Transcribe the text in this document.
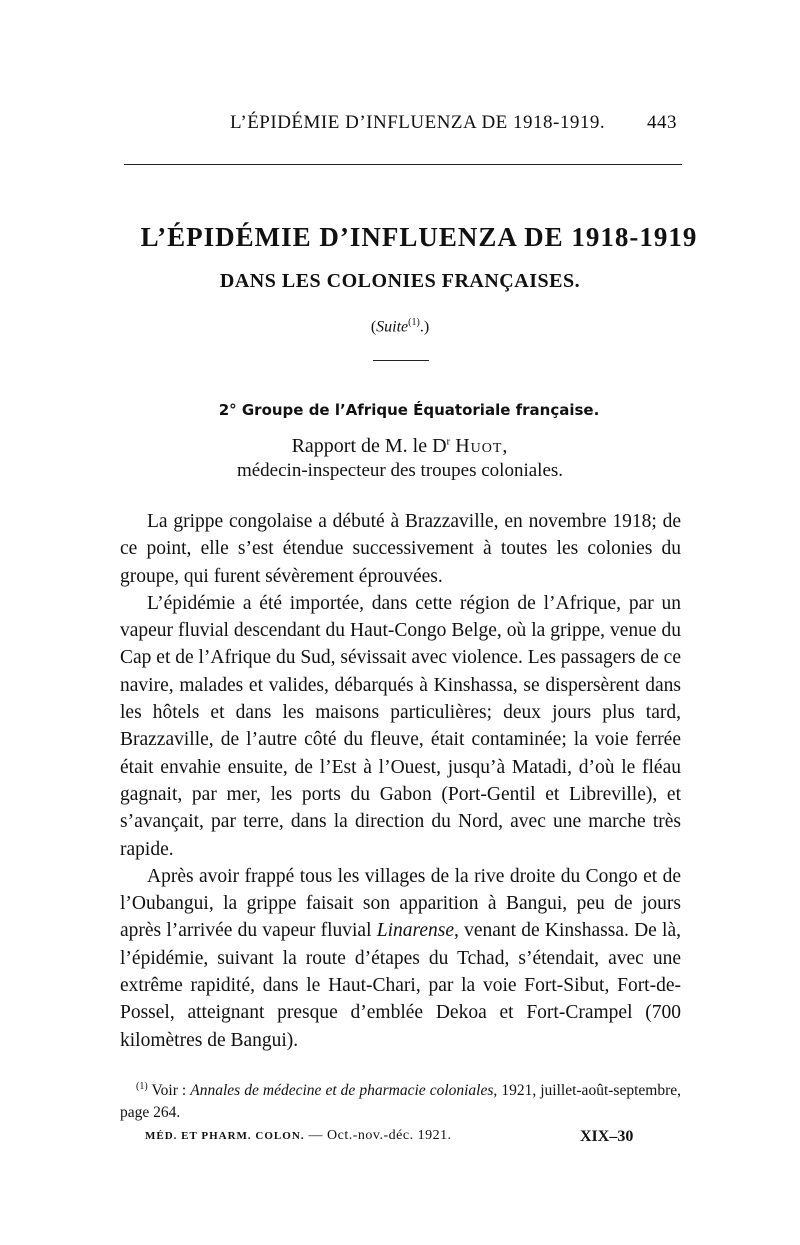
L’ÉPIDÉMIE D’INFLUENZA DE 1918-1919. 443
L’ÉPIDÉMIE D’INFLUENZA DE 1918-1919
DANS LES COLONIES FRANÇAISES.
(Suite$^{(1)}$.)
2° Groupe de l’Afrique Équatoriale française.
Rapport de M. le $D^r$ Huot,
médecin-inspecteur des troupes coloniales.

La grippe congolaise a débuté à Brazzaville, en novembre 1918; de ce point, elle s’est étendue successivement à toutes les colonies du groupe, qui furent sévèrement éprouvées.

L’épidémie a été importée, dans cette région de l’Afrique, par un vapeur fluvial descendant du Haut-Congo Belge, où la grippe, venue du Cap et de l’Afrique du Sud, sévissait avec violence. Les passagers de ce navire, malades et valides, débarqués à Kinshassa, se dispersèrent dans les hôtels et dans les maisons particulières; deux jours plus tard, Brazzaville, de l’autre côté du fleuve, était contaminée; la voie ferrée était envahie ensuite, de l’Est à l’Ouest, jusqu’à Matadi, d’où le fléau gagnait, par mer, les ports du Gabon (Port-Gentil et Libreville), et s’avançait, par terre, dans la direction du Nord, avec une marche très rapide.

Après avoir frappé tous les villages de la rive droite du Congo et de l’Oubangui, la grippe faisait son apparition à Bangui, peu de jours après l’arrivée du vapeur fluvial Linarense, venant de Kinshassa. De là, l’épidémie, suivant la route d’étapes du Tchad, s’étendait, avec une extrême rapidité, dans le Haut-Chari, par la voie Fort-Sibut, Fort-de-Possel, atteignant presque d’emblée Dekoa et Fort-Crampel (700 kilomètres de Bangui).

$^{(1)}$ Voir : Annales de médecine et de pharmacie coloniales, 1921, juillet-août-septembre, page 264.
MÉD. ET PHARM. COLON. — Oct.-nov.-déc. 1921.	XIX–30
